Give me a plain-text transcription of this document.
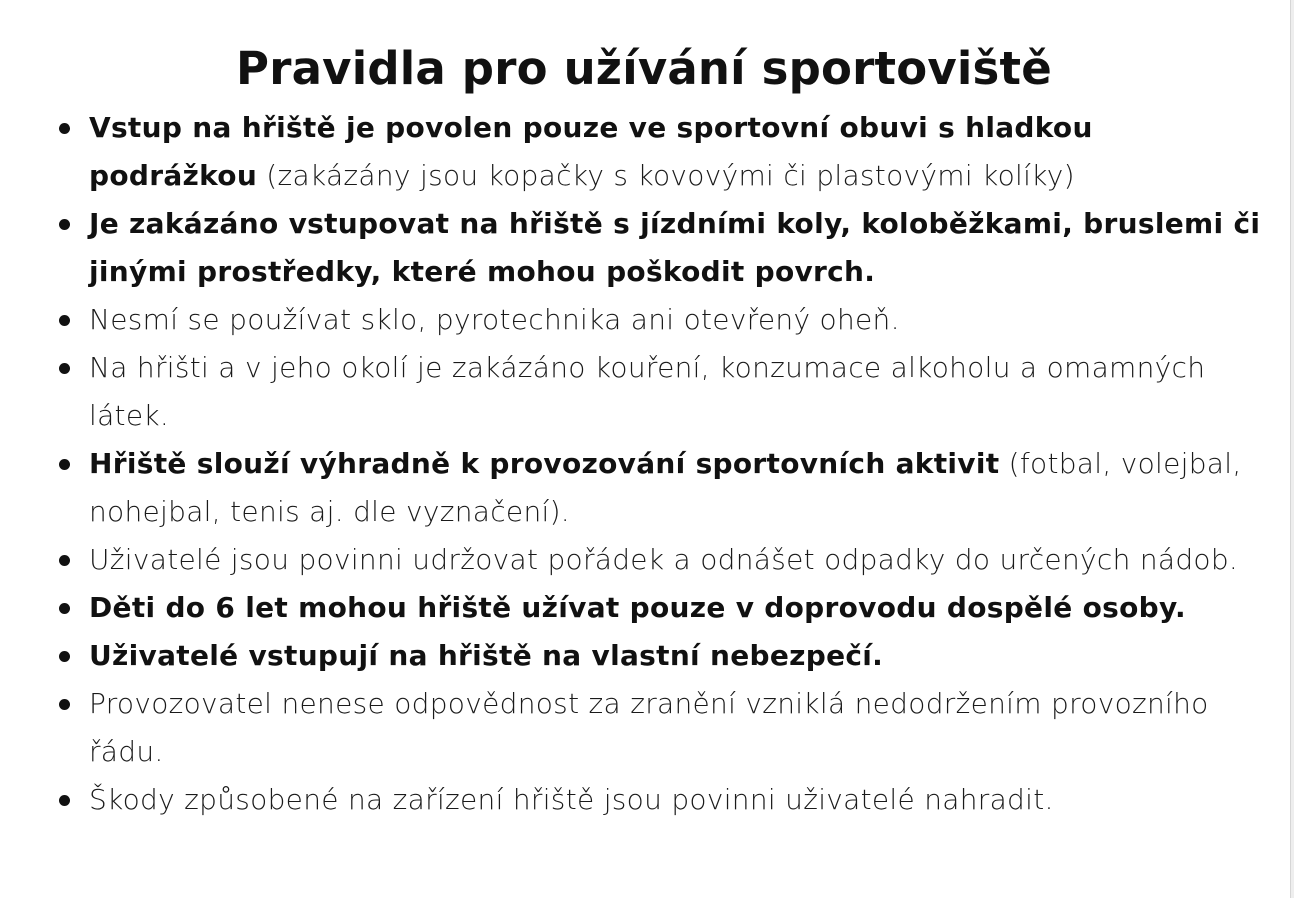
Pravidla pro užívání sportoviště
Vstup na hřiště je povolen pouze ve sportovní obuvi s hladkou podrážkou (zakázány jsou kopačky s kovovými či plastovými kolíky)
Je zakázáno vstupovat na hřiště s jízdními koly, koloběžkami, bruslemi či jinými prostředky, které mohou poškodit povrch.
Nesmí se používat sklo, pyrotechnika ani otevřený oheň.
Na hřišti a v jeho okolí je zakázáno kouření, konzumace alkoholu a omamných látek.
Hřiště slouží výhradně k provozování sportovních aktivit (fotbal, volejbal, nohejbal, tenis aj. dle vyznačení).
Uživatelé jsou povinni udržovat pořádek a odnášet odpadky do určených nádob.
Děti do 6 let mohou hřiště užívat pouze v doprovodu dospělé osoby.
Uživatelé vstupují na hřiště na vlastní nebezpečí.
Provozovatel nenese odpovědnost za zranění vzniklá nedodržením provozního řádu.
Škody způsobené na zařízení hřiště jsou povinni uživatelé nahradit.
